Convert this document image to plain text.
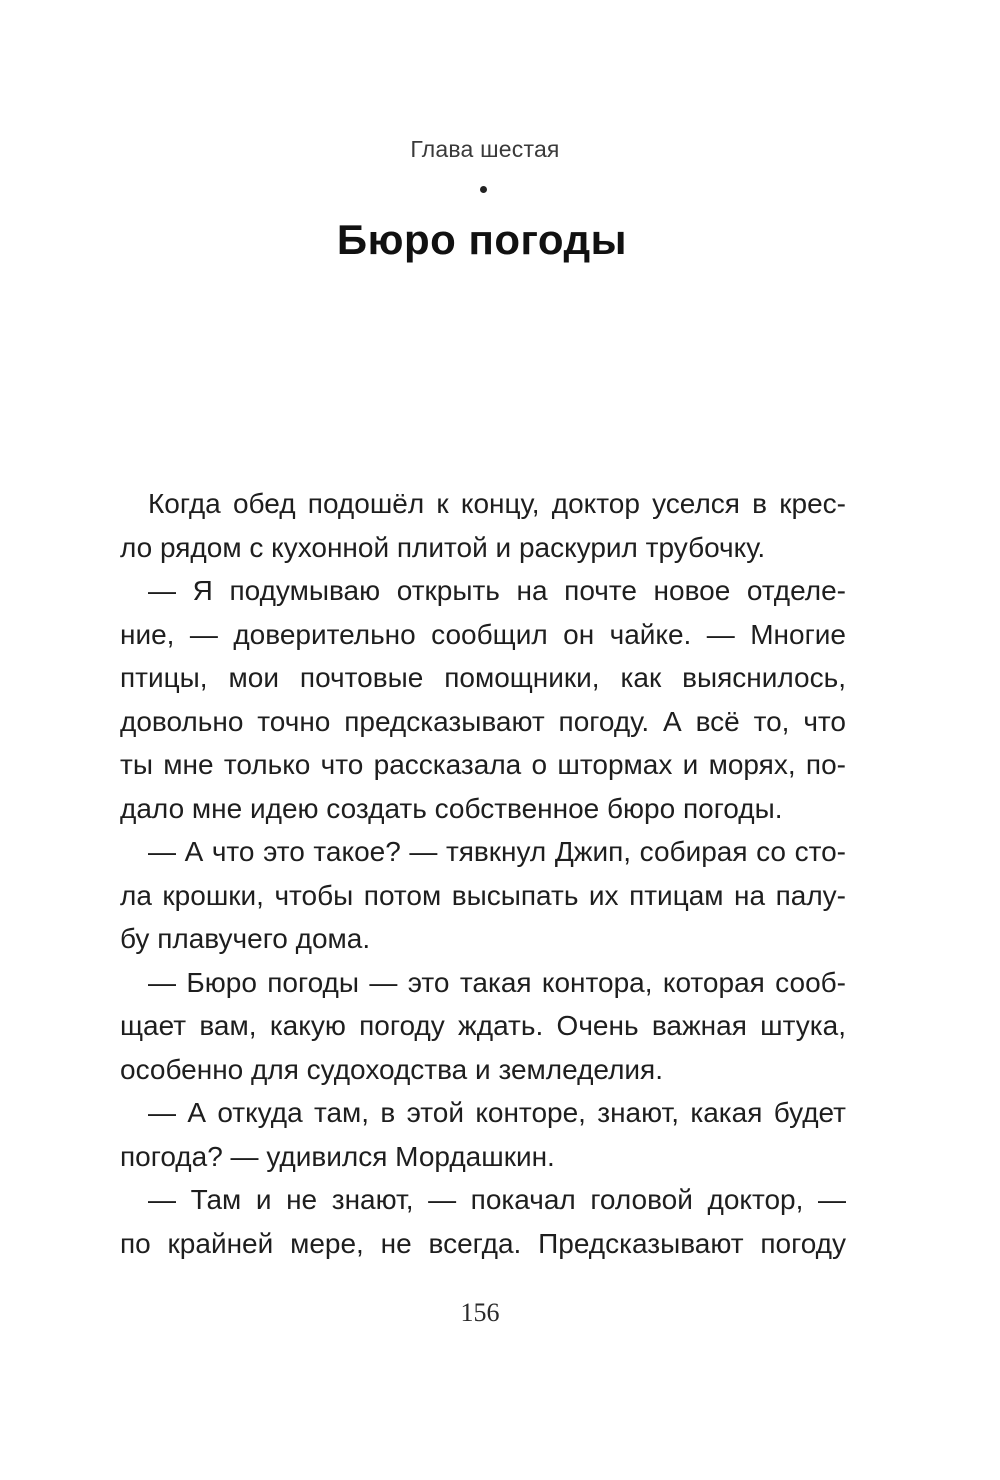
Глава шестая
Бюро погоды
Когда обед подошёл к концу, доктор уселся в крес-
ло рядом с кухонной плитой и раскурил трубочку.
— Я подумываю открыть на почте новое отделе-
ние, — доверительно сообщил он чайке. — Многие
птицы, мои почтовые помощники, как выяснилось,
довольно точно предсказывают погоду. А всё то, что
ты мне только что рассказала о штормах и морях, по-
дало мне идею создать собственное бюро погоды.
— А что это такое? — тявкнул Джип, собирая со сто-
ла крошки, чтобы потом высыпать их птицам на палу-
бу плавучего дома.
— Бюро погоды — это такая контора, которая сооб-
щает вам, какую погоду ждать. Очень важная штука,
особенно для судоходства и земледелия.
— А откуда там, в этой конторе, знают, какая будет
погода? — удивился Мордашкин.
— Там и не знают, — покачал головой доктор, —
по крайней мере, не всегда. Предсказывают погоду
156
